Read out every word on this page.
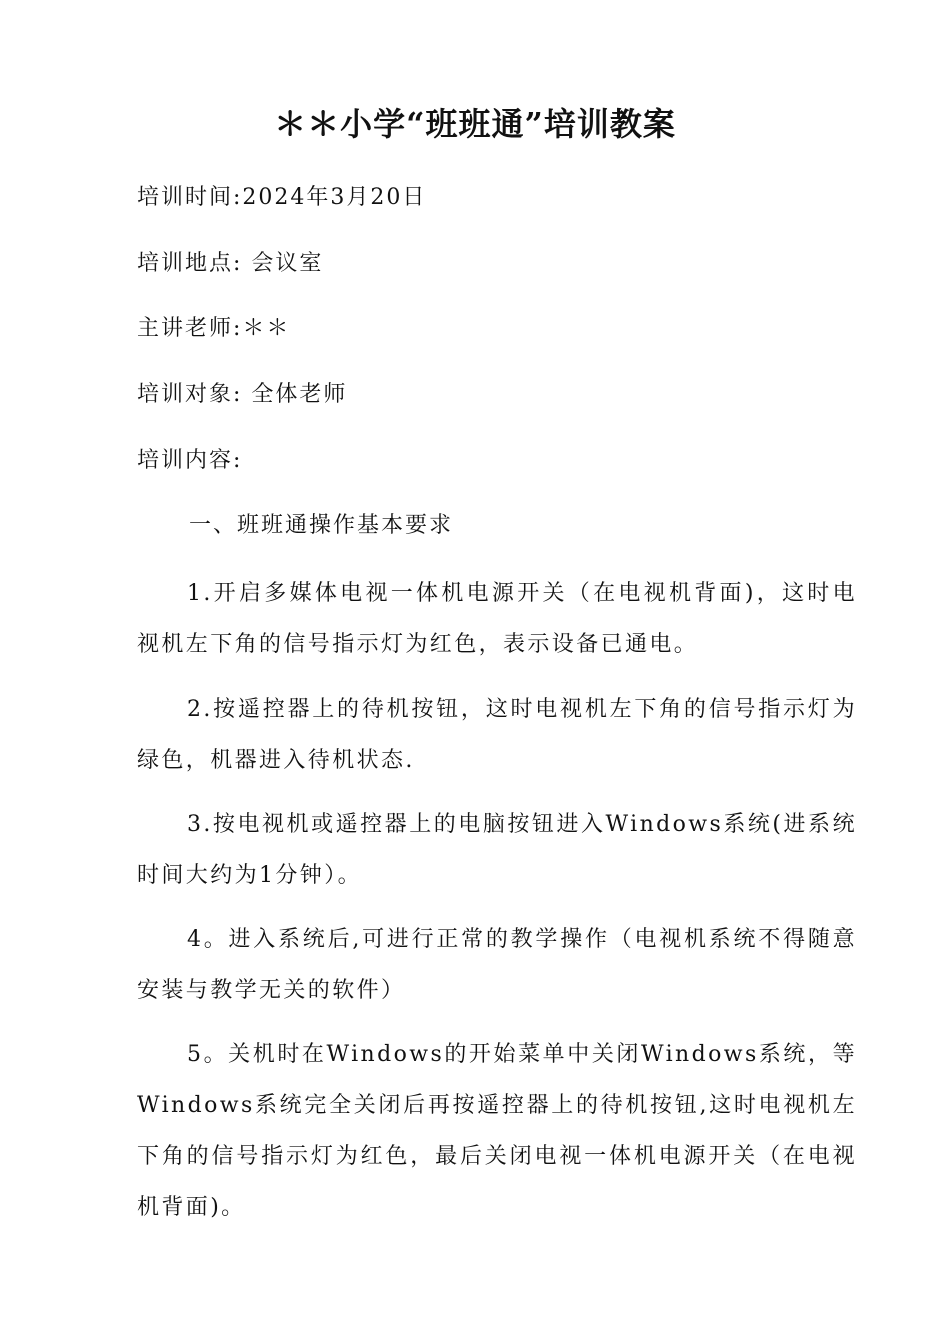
＊＊小学“班班通”培训教案
培训时间:2024年3月20日
培训地点: 会议室
主讲老师:＊＊
培训对象: 全体老师
培训内容:
一、班班通操作基本要求

1.开启多媒体电视一体机电源开关（在电视机背面)，这时电视机左下角的信号指示灯为红色，表示设备已通电。

2.按遥控器上的待机按钮，这时电视机左下角的信号指示灯为绿色，机器进入待机状态.

3.按电视机或遥控器上的电脑按钮进入Windows系统(进系统时间大约为1分钟）。

4。进入系统后,可进行正常的教学操作（电视机系统不得随意安装与教学无关的软件）

5。关机时在Windows的开始菜单中关闭Windows系统，等Windows系统完全关闭后再按遥控器上的待机按钮,这时电视机左下角的信号指示灯为红色，最后关闭电视一体机电源开关（在电视机背面)。
